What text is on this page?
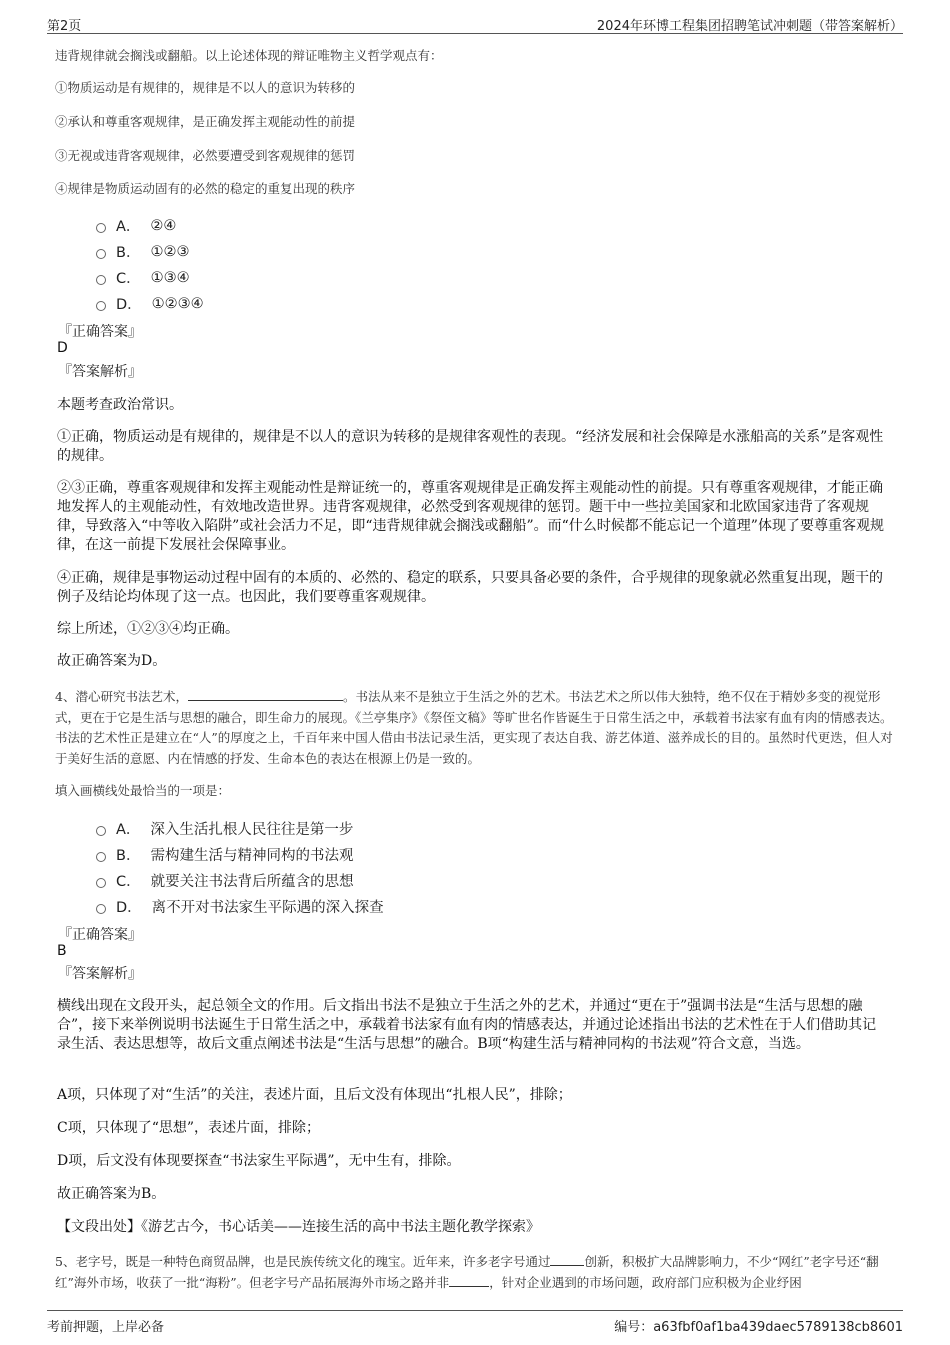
第2页	2024年环博工程集团招聘笔试冲刺题（带答案解析）
违背规律就会搁浅或翻船。以上论述体现的辩证唯物主义哲学观点有：
①物质运动是有规律的，规律是不以人的意识为转移的
②承认和尊重客观规律，是正确发挥主观能动性的前提
③无视或违背客观规律，必然要遭受到客观规律的惩罚
④规律是物质运动固有的必然的稳定的重复出现的秩序
A． ②④
B． ①②③
C． ①③④
D． ①②③④
『正确答案』
D
『答案解析』
本题考查政治常识。
①正确，物质运动是有规律的，规律是不以人的意识为转移的是规律客观性的表现。“经济发展和社会保障是水涨船高的关系”是客观性的规律。
②③正确，尊重客观规律和发挥主观能动性是辩证统一的，尊重客观规律是正确发挥主观能动性的前提。只有尊重客观规律，才能正确地发挥人的主观能动性，有效地改造世界。违背客观规律，必然受到客观规律的惩罚。题干中一些拉美国家和北欧国家违背了客观规律，导致落入“中等收入陷阱”或社会活力不足，即“违背规律就会搁浅或翻船”。而“什么时候都不能忘记一个道理”体现了要尊重客观规律，在这一前提下发展社会保障事业。
④正确，规律是事物运动过程中固有的本质的、必然的、稳定的联系，只要具备必要的条件，合乎规律的现象就必然重复出现，题干的例子及结论均体现了这一点。也因此，我们要尊重客观规律。
综上所述，①②③④均正确。
故正确答案为D。
4、潜心研究书法艺术，	。书法从来不是独立于生活之外的艺术。书法艺术之所以伟大独特，绝不仅在于精妙多变的视觉形式，更在于它是生活与思想的融合，即生命力的展现。《兰亭集序》《祭侄文稿》等旷世名作皆诞生于日常生活之中，承载着书法家有血有肉的情感表达。书法的艺术性正是建立在“人”的厚度之上，千百年来中国人借由书法记录生活，更实现了表达自我、游艺体道、滋养成长的目的。虽然时代更迭，但人对于美好生活的意愿、内在情感的抒发、生命本色的表达在根源上仍是一致的。
填入画横线处最恰当的一项是：
A． 深入生活扎根人民往往是第一步
B． 需构建生活与精神同构的书法观
C． 就要关注书法背后所蕴含的思想
D． 离不开对书法家生平际遇的深入探查
『正确答案』
B
『答案解析』
横线出现在文段开头，起总领全文的作用。后文指出书法不是独立于生活之外的艺术，并通过“更在于”强调书法是“生活与思想的融合”，接下来举例说明书法诞生于日常生活之中，承载着书法家有血有肉的情感表达，并通过论述指出书法的艺术性在于人们借助其记录生活、表达思想等，故后文重点阐述书法是“生活与思想”的融合。B项“构建生活与精神同构的书法观”符合文意，当选。
A项，只体现了对“生活”的关注，表述片面，且后文没有体现出“扎根人民”，排除；
C项，只体现了“思想”，表述片面，排除；
D项，后文没有体现要探查“书法家生平际遇”，无中生有，排除。
故正确答案为B。
【文段出处】《游艺古今，书心话美——连接生活的高中书法主题化教学探索》
5、老字号，既是一种特色商贸品牌，也是民族传统文化的瑰宝。近年来，许多老字号通过	创新，积极扩大品牌影响力，不少“网红”老字号还“翻红”海外市场，收获了一批“海粉”。但老字号产品拓展海外市场之路并非	，针对企业遇到的市场问题，政府部门应积极为企业纾困
考前押题，上岸必备	编号：a63fbf0af1ba439daec5789138cb8601
